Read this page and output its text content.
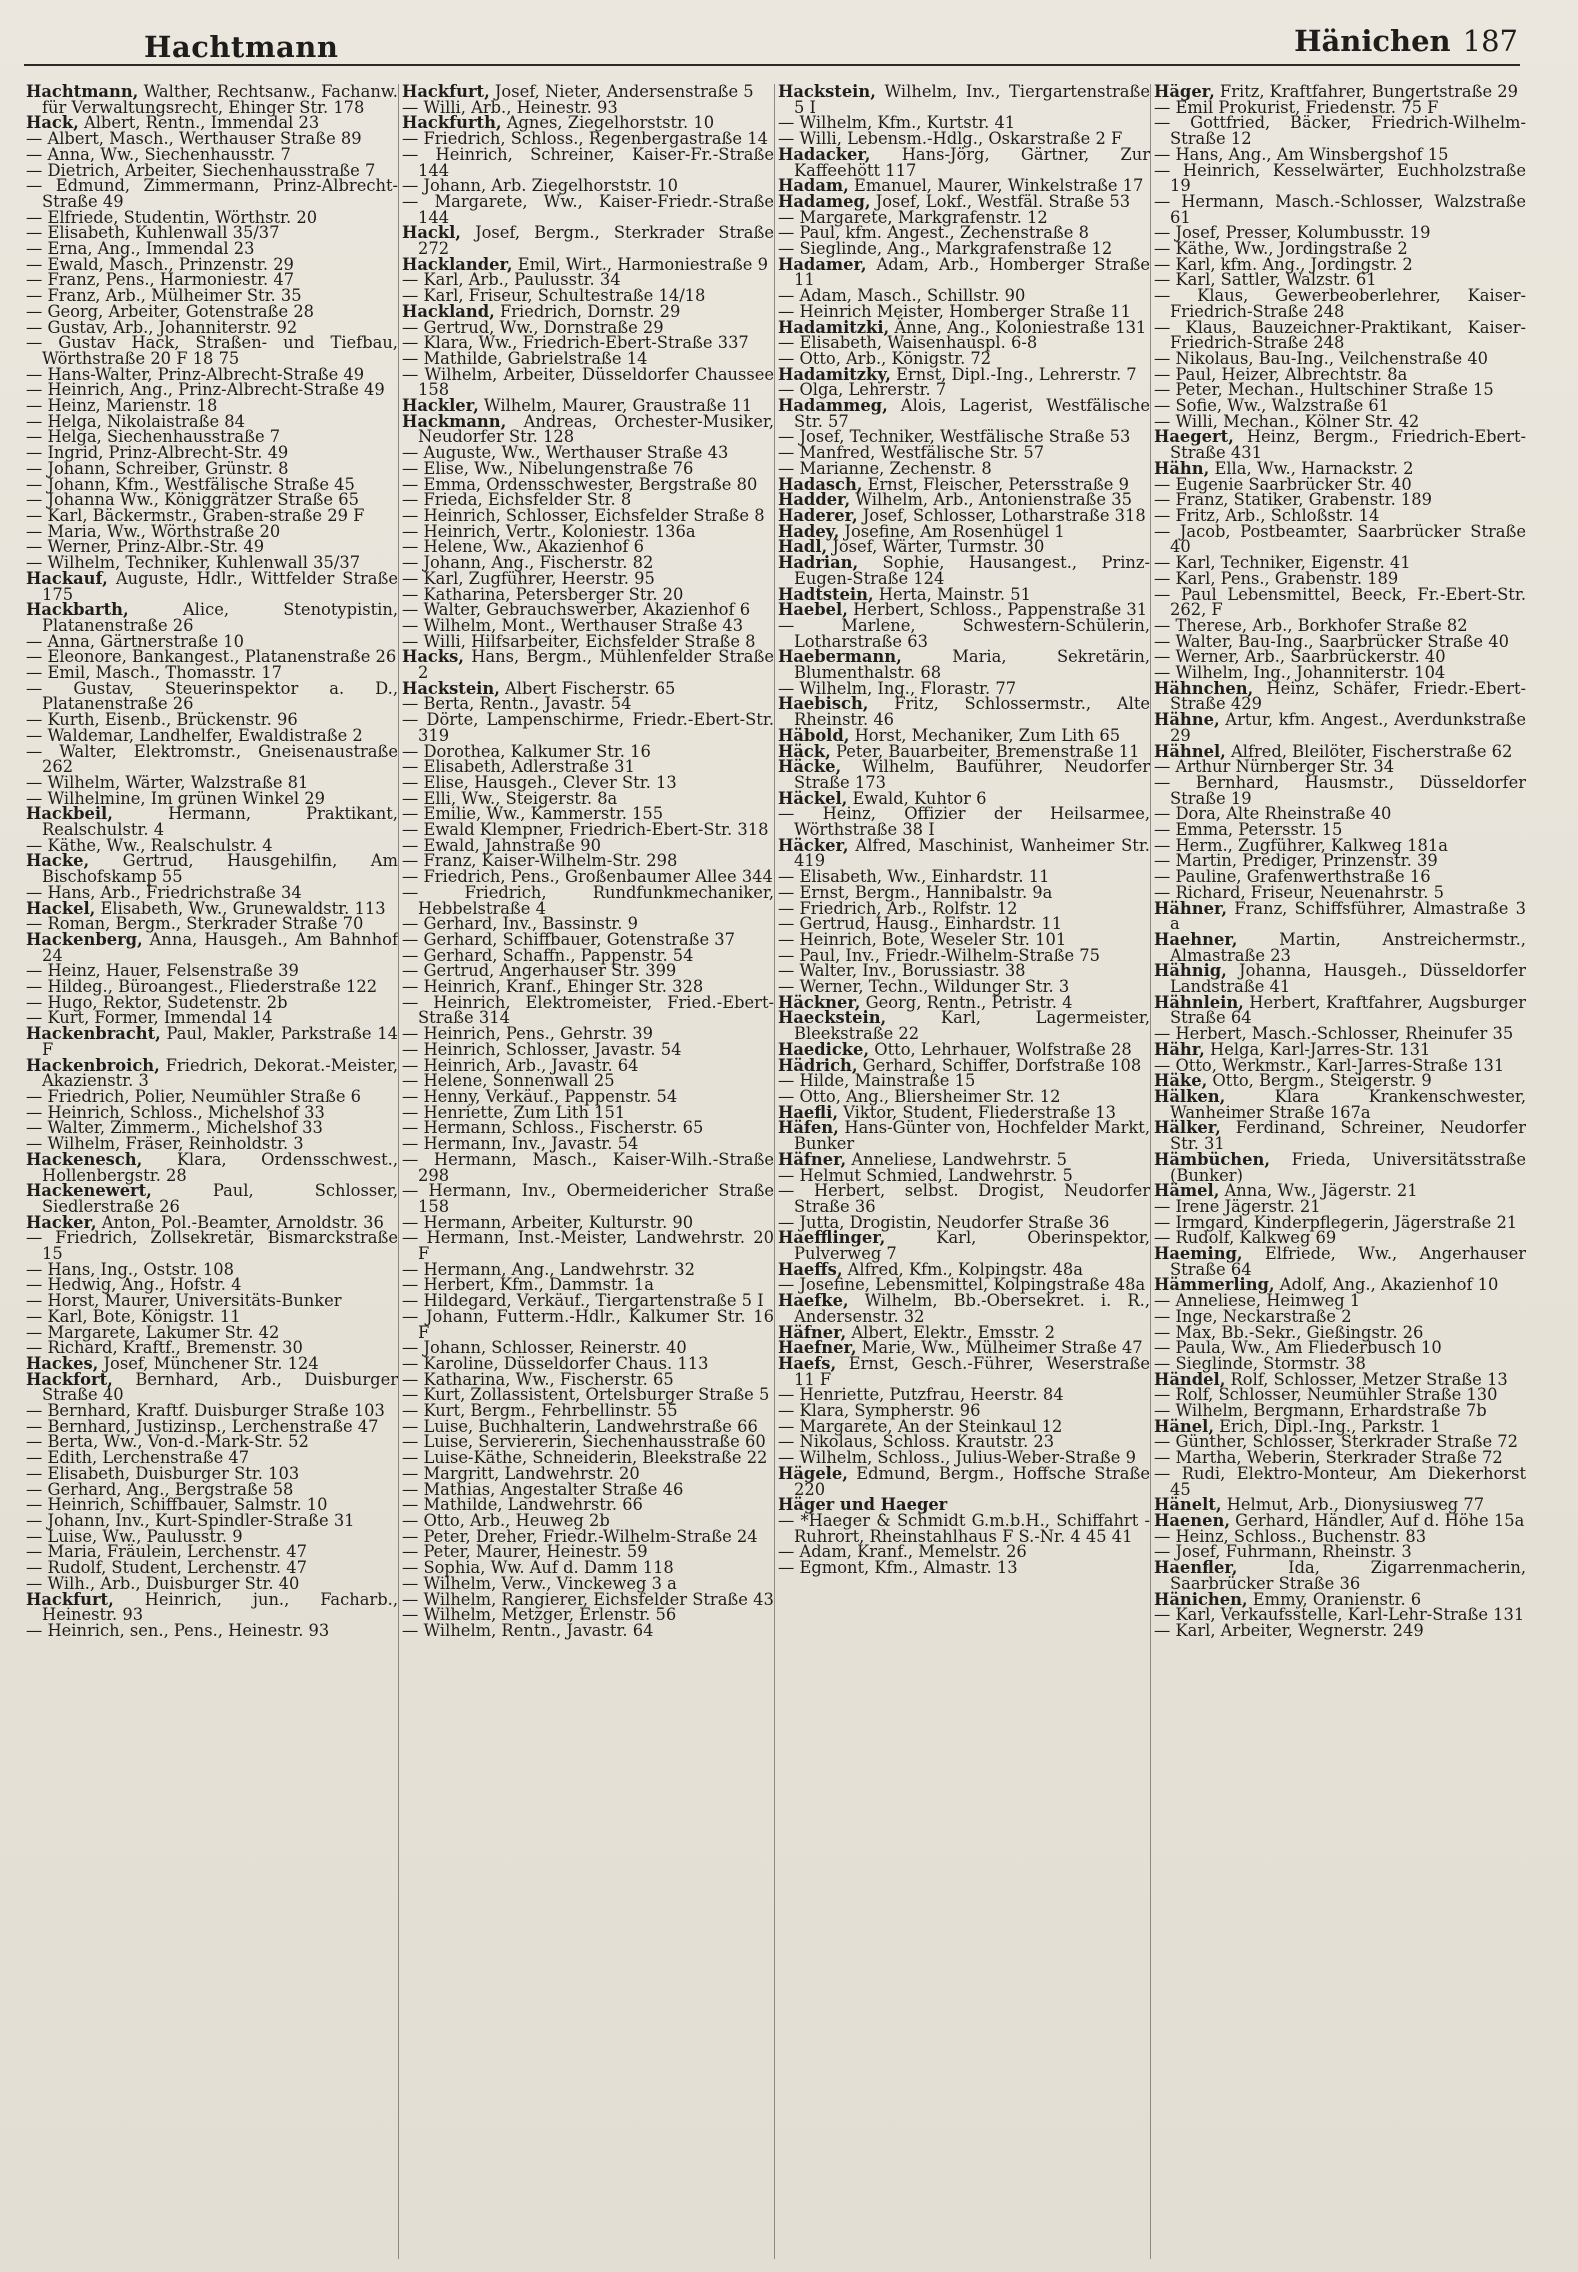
Hachtmann	Hänichen 187

Hachtmann, Walther, Rechtsanw., Fachanw. für Verwaltungsrecht, Ehinger Str. 178

Hack, Albert, Rentn., Immendal 23

— Albert, Masch., Werthauser Straße 89

— Anna, Ww., Siechenhausstr. 7

— Dietrich, Arbeiter, Siechenhausstraße 7

— Edmund, Zimmermann, Prinz-Albrecht-Straße 49

— Elfriede, Studentin, Wörthstr. 20

— Elisabeth, Kuhlenwall 35/37

— Erna, Ang., Immendal 23

— Ewald, Masch., Prinzenstr. 29

— Franz, Pens., Harmoniestr. 47

— Franz, Arb., Mülheimer Str. 35

— Georg, Arbeiter, Gotenstraße 28

— Gustav, Arb., Johanniterstr. 92

— Gustav Hack, Straßen- und Tiefbau, Wörthstraße 20 F 18 75

— Hans-Walter, Prinz-Albrecht-Straße 49

— Heinrich, Ang., Prinz-Albrecht-Straße 49

— Heinz, Marienstr. 18

— Helga, Nikolaistraße 84

— Helga, Siechenhausstraße 7

— Ingrid, Prinz-Albrecht-Str. 49

— Johann, Schreiber, Grünstr. 8

— Johann, Kfm., Westfälische Straße 45

— Johanna Ww., Königgrätzer Straße 65

— Karl, Bäckermstr., Graben-straße 29 F

— Maria, Ww., Wörthstraße 20

— Werner, Prinz-Albr.-Str. 49

— Wilhelm, Techniker, Kuhlenwall 35/37

Hackauf, Auguste, Hdlr., Wittfelder Straße 175

Hackbarth, Alice, Stenotypistin, Platanenstraße 26

— Anna, Gärtnerstraße 10

— Eleonore, Bankangest., Platanenstraße 26

— Emil, Masch., Thomasstr. 17

— Gustav, Steuerinspektor a. D., Platanenstraße 26

— Kurth, Eisenb., Brückenstr. 96

— Waldemar, Landhelfer, Ewaldistraße 2

— Walter, Elektromstr., Gneisenaustraße 262

— Wilhelm, Wärter, Walzstraße 81

— Wilhelmine, Im grünen Winkel 29

Hackbeil, Hermann, Praktikant, Realschulstr. 4

— Käthe, Ww., Realschulstr. 4

Hacke, Gertrud, Hausgehilfin, Am Bischofskamp 55

— Hans, Arb., Friedrichstraße 34

Hackel, Elisabeth, Ww., Grunewaldstr. 113

— Roman, Bergm., Sterkrader Straße 70

Hackenberg, Anna, Hausgeh., Am Bahnhof 24

— Heinz, Hauer, Felsenstraße 39

— Hildeg., Büroangest., Fliederstraße 122

— Hugo, Rektor, Sudetenstr. 2b

— Kurt, Former, Immendal 14

Hackenbracht, Paul, Makler, Parkstraße 14 F

Hackenbroich, Friedrich, Dekorat.-Meister, Akazienstr. 3

— Friedrich, Polier, Neumühler Straße 6

— Heinrich, Schloss., Michelshof 33

— Walter, Zimmerm., Michelshof 33

— Wilhelm, Fräser, Reinholdstr. 3

Hackenesch, Klara, Ordensschwest., Hollenbergstr. 28

Hackenewert, Paul, Schlosser, Siedlerstraße 26

Hacker, Anton, Pol.-Beamter, Arnoldstr. 36

— Friedrich, Zollsekretär, Bismarckstraße 15

— Hans, Ing., Oststr. 108

— Hedwig, Ang., Hofstr. 4

— Horst, Maurer, Universitäts-Bunker

— Karl, Bote, Königstr. 11

— Margarete, Lakumer Str. 42

— Richard, Kraftf., Bremenstr. 30

Hackes, Josef, Münchener Str. 124

Hackfort, Bernhard, Arb., Duisburger Straße 40

— Bernhard, Kraftf. Duisburger Straße 103

— Bernhard, Justizinsp., Lerchenstraße 47

— Berta, Ww., Von-d.-Mark-Str. 52

— Edith, Lerchenstraße 47

— Elisabeth, Duisburger Str. 103

— Gerhard, Ang., Bergstraße 58

— Heinrich, Schiffbauer, Salmstr. 10

— Johann, Inv., Kurt-Spindler-Straße 31

— Luise, Ww., Paulusstr. 9

— Maria, Fräulein, Lerchenstr. 47

— Rudolf, Student, Lerchenstr. 47

— Wilh., Arb., Duisburger Str. 40

Hackfurt, Heinrich, jun., Facharb., Heinestr. 93

— Heinrich, sen., Pens., Heinestr. 93

Hackfurt, Josef, Nieter, Andersenstraße 5

— Willi, Arb., Heinestr. 93

Hackfurth, Agnes, Ziegelhorststr. 10

— Friedrich, Schloss., Regenbergastraße 14

— Heinrich, Schreiner, Kaiser-Fr.-Straße 144

— Johann, Arb. Ziegelhorststr. 10

— Margarete, Ww., Kaiser-Friedr.-Straße 144

Hackl, Josef, Bergm., Sterkrader Straße 272

Hacklander, Emil, Wirt., Harmoniestraße 9

— Karl, Arb., Paulusstr. 34

— Karl, Friseur, Schultestraße 14/18

Hackland, Friedrich, Dornstr. 29

— Gertrud, Ww., Dornstraße 29

— Klara, Ww., Friedrich-Ebert-Straße 337

— Mathilde, Gabrielstraße 14

— Wilhelm, Arbeiter, Düsseldorfer Chaussee 158

Hackler, Wilhelm, Maurer, Graustraße 11

Hackmann, Andreas, Orchester-Musiker, Neudorfer Str. 128

— Auguste, Ww., Werthauser Straße 43

— Elise, Ww., Nibelungenstraße 76

— Emma, Ordensschwester, Bergstraße 80

— Frieda, Eichsfelder Str. 8

— Heinrich, Schlosser, Eichsfelder Straße 8

— Heinrich, Vertr., Koloniestr. 136a

— Helene, Ww., Akazienhof 6

— Johann, Ang., Fischerstr. 82

— Karl, Zugführer, Heerstr. 95

— Katharina, Petersberger Str. 20

— Walter, Gebrauchswerber, Akazienhof 6

— Wilhelm, Mont., Werthauser Straße 43

— Willi, Hilfsarbeiter, Eichsfelder Straße 8

Hacks, Hans, Bergm., Mühlenfelder Straße 2

Hackstein, Albert Fischerstr. 65

— Berta, Rentn., Javastr. 54

— Dörte, Lampenschirme, Friedr.-Ebert-Str. 319

— Dorothea, Kalkumer Str. 16

— Elisabeth, Adlerstraße 31

— Elise, Hausgeh., Clever Str. 13

— Elli, Ww., Steigerstr. 8a

— Emilie, Ww., Kammerstr. 155

— Ewald Klempner, Friedrich-Ebert-Str. 318

— Ewald, Jahnstraße 90

— Franz, Kaiser-Wilhelm-Str. 298

— Friedrich, Pens., Großenbaumer Allee 344

— Friedrich, Rundfunkmechaniker, Hebbelstraße 4

— Gerhard, Inv., Bassinstr. 9

— Gerhard, Schiffbauer, Gotenstraße 37

— Gerhard, Schaffn., Pappenstr. 54

— Gertrud, Angerhauser Str. 399

— Heinrich, Kranf., Ehinger Str. 328

— Heinrich, Elektromeister, Fried.-Ebert-Straße 314

— Heinrich, Pens., Gehrstr. 39

— Heinrich, Schlosser, Javastr. 54

— Heinrich, Arb., Javastr. 64

— Helene, Sonnenwall 25

— Henny, Verkäuf., Pappenstr. 54

— Henriette, Zum Lith 151

— Hermann, Schloss., Fischerstr. 65

— Hermann, Inv., Javastr. 54

— Hermann, Masch., Kaiser-Wilh.-Straße 298

— Hermann, Inv., Obermeidericher Straße 158

— Hermann, Arbeiter, Kulturstr. 90

— Hermann, Inst.-Meister, Landwehrstr. 20 F

— Hermann, Ang., Landwehrstr. 32

— Herbert, Kfm., Dammstr. 1a

— Hildegard, Verkäuf., Tiergartenstraße 5 I

— Johann, Futterm.-Hdlr., Kalkumer Str. 16 F

— Johann, Schlosser, Reinerstr. 40

— Karoline, Düsseldorfer Chaus. 113

— Katharina, Ww., Fischerstr. 65

— Kurt, Zollassistent, Ortelsburger Straße 5

— Kurt, Bergm., Fehrbellinstr. 55

— Luise, Buchhalterin, Landwehrstraße 66

— Luise, Serviererin, Siechenhausstraße 60

— Luise-Käthe, Schneiderin, Bleekstraße 22

— Margritt, Landwehrstr. 20

— Mathias, Angestalter Straße 46

— Mathilde, Landwehrstr. 66

— Otto, Arb., Heuweg 2b

— Peter, Dreher, Friedr.-Wilhelm-Straße 24

— Peter, Maurer, Heinestr. 59

— Sophia, Ww. Auf d. Damm 118

— Wilhelm, Verw., Vinckeweg 3 a

— Wilhelm, Rangierer, Eichsfelder Straße 43

— Wilhelm, Metzger, Erlenstr. 56

— Wilhelm, Rentn., Javastr. 64

Hackstein, Wilhelm, Inv., Tiergartenstraße 5 I

— Wilhelm, Kfm., Kurtstr. 41

— Willi, Lebensm.-Hdlg., Oskarstraße 2 F

Hadacker, Hans-Jörg, Gärtner, Zur Kaffeehött 117

Hadam, Emanuel, Maurer, Winkelstraße 17

Hadameg, Josef, Lokf., Westfäl. Straße 53

— Margarete, Markgrafenstr. 12

— Paul, kfm. Angest., Zechenstraße 8

— Sieglinde, Ang., Markgrafenstraße 12

Hadamer, Adam, Arb., Homberger Straße 11

— Adam, Masch., Schillstr. 90

— Heinrich Meister, Homberger Straße 11

Hadamitzki, Änne, Ang., Koloniestraße 131

— Elisabeth, Waisenhauspl. 6-8

— Otto, Arb., Königstr. 72

Hadamitzky, Ernst, Dipl.-Ing., Lehrerstr. 7

— Olga, Lehrerstr. 7

Hadammeg, Alois, Lagerist, Westfälische Str. 57

— Josef, Techniker, Westfälische Straße 53

— Manfred, Westfälische Str. 57

— Marianne, Zechenstr. 8

Hadasch, Ernst, Fleischer, Petersstraße 9

Hadder, Wilhelm, Arb., Antonienstraße 35

Haderer, Josef, Schlosser, Lotharstraße 318

Hadey, Josefine, Am Rosenhügel 1

Hadl, Josef, Wärter, Turmstr. 30

Hadrian, Sophie, Hausangest., Prinz-Eugen-Straße 124

Hadtstein, Herta, Mainstr. 51

Haebel, Herbert, Schloss., Pappenstraße 31

— Marlene, Schwestern-Schülerin, Lotharstraße 63

Haebermann, Maria, Sekretärin, Blumenthalstr. 68

— Wilhelm, Ing., Florastr. 77

Haebisch, Fritz, Schlossermstr., Alte Rheinstr. 46

Häbold, Horst, Mechaniker, Zum Lith 65

Häck, Peter, Bauarbeiter, Bremenstraße 11

Häcke, Wilhelm, Bauführer, Neudorfer Straße 173

Häckel, Ewald, Kuhtor 6

— Heinz, Offizier der Heilsarmee, Wörthstraße 38 I

Häcker, Alfred, Maschinist, Wanheimer Str. 419

— Elisabeth, Ww., Einhardstr. 11

— Ernst, Bergm., Hannibalstr. 9a

— Friedrich, Arb., Rolfstr. 12

— Gertrud, Hausg., Einhardstr. 11

— Heinrich, Bote, Weseler Str. 101

— Paul, Inv., Friedr.-Wilhelm-Straße 75

— Walter, Inv., Borussiastr. 38

— Werner, Techn., Wildunger Str. 3

Häckner, Georg, Rentn., Petristr. 4

Haeckstein, Karl, Lagermeister, Bleekstraße 22

Haedicke, Otto, Lehrhauer, Wolfstraße 28

Hädrich, Gerhard, Schiffer, Dorfstraße 108

— Hilde, Mainstraße 15

— Otto, Ang., Bliersheimer Str. 12

Haefli, Viktor, Student, Fliederstraße 13

Häfen, Hans-Günter von, Hochfelder Markt, Bunker

Häfner, Anneliese, Landwehrstr. 5

— Helmut Schmied, Landwehrstr. 5

— Herbert, selbst. Drogist, Neudorfer Straße 36

— Jutta, Drogistin, Neudorfer Straße 36

Haefflinger, Karl, Oberinspektor, Pulverweg 7

Haeffs, Alfred, Kfm., Kolpingstr. 48a

— Josefine, Lebensmittel, Kolpingstraße 48a

Haefke, Wilhelm, Bb.-Obersekret. i. R., Andersenstr. 32

Häfner, Albert, Elektr., Emsstr. 2

Haefner, Marie, Ww., Mülheimer Straße 47

Haefs, Ernst, Gesch.-Führer, Weserstraße 11 F

— Henriette, Putzfrau, Heerstr. 84

— Klara, Sympherstr. 96

— Margarete, An der Steinkaul 12

— Nikolaus, Schloss. Krautstr. 23

— Wilhelm, Schloss., Julius-Weber-Straße 9

Hägele, Edmund, Bergm., Hoffsche Straße 220

Häger und Haeger

— *Haeger & Schmidt G.m.b.H., Schiffahrt - Ruhrort, Rheinstahlhaus F S.-Nr. 4 45 41

— Adam, Kranf., Memelstr. 26

— Egmont, Kfm., Almastr. 13

Häger, Fritz, Kraftfahrer, Bungertstraße 29

— Emil Prokurist, Friedenstr. 75 F

— Gottfried, Bäcker, Friedrich-Wilhelm-Straße 12

— Hans, Ang., Am Winsbergshof 15

— Heinrich, Kesselwärter, Euchholzstraße 19

— Hermann, Masch.-Schlosser, Walzstraße 61

— Josef, Presser, Kolumbusstr. 19

— Käthe, Ww., Jordingstraße 2

— Karl, kfm. Ang., Jordingstr. 2

— Karl, Sattler, Walzstr. 61

— Klaus, Gewerbeoberlehrer, Kaiser-Friedrich-Straße 248

— Klaus, Bauzeichner-Praktikant, Kaiser-Friedrich-Straße 248

— Nikolaus, Bau-Ing., Veilchenstraße 40

— Paul, Heizer, Albrechtstr. 8a

— Peter, Mechan., Hultschiner Straße 15

— Sofie, Ww., Walzstraße 61

— Willi, Mechan., Kölner Str. 42

Haegert, Heinz, Bergm., Friedrich-Ebert-Straße 431

Hähn, Ella, Ww., Harnackstr. 2

— Eugenie Saarbrücker Str. 40

— Franz, Statiker, Grabenstr. 189

— Fritz, Arb., Schloßstr. 14

— Jacob, Postbeamter, Saarbrücker Straße 40

— Karl, Techniker, Eigenstr. 41

— Karl, Pens., Grabenstr. 189

— Paul Lebensmittel, Beeck, Fr.-Ebert-Str. 262, F

— Therese, Arb., Borkhofer Straße 82

— Walter, Bau-Ing., Saarbrücker Straße 40

— Werner, Arb., Saarbrückerstr. 40

— Wilhelm, Ing., Johanniterstr. 104

Hähnchen, Heinz, Schäfer, Friedr.-Ebert-Straße 429

Hähne, Artur, kfm. Angest., Averdunkstraße 29

Hähnel, Alfred, Bleilöter, Fischerstraße 62

— Arthur Nürnberger Str. 34

— Bernhard, Hausmstr., Düsseldorfer Straße 19

— Dora, Alte Rheinstraße 40

— Emma, Petersstr. 15

— Herm., Zugführer, Kalkweg 181a

— Martin, Prediger, Prinzenstr. 39

— Pauline, Grafenwerthstraße 16

— Richard, Friseur, Neuenahrstr. 5

Hähner, Franz, Schiffsführer, Almastraße 3 a

Haehner, Martin, Anstreichermstr., Almastraße 23

Hähnig, Johanna, Hausgeh., Düsseldorfer Landstraße 41

Hähnlein, Herbert, Kraftfahrer, Augsburger Straße 64

— Herbert, Masch.-Schlosser, Rheinufer 35

Hähr, Helga, Karl-Jarres-Str. 131

— Otto, Werkmstr., Karl-Jarres-Straße 131

Häke, Otto, Bergm., Steigerstr. 9

Hälken, Klara Krankenschwester, Wanheimer Straße 167a

Hälker, Ferdinand, Schreiner, Neudorfer Str. 31

Hämbüchen, Frieda, Universitätsstraße (Bunker)

Hämel, Anna, Ww., Jägerstr. 21

— Irene Jägerstr. 21

— Irmgard, Kinderpflegerin, Jägerstraße 21

— Rudolf, Kalkweg 69

Haeming, Elfriede, Ww., Angerhauser Straße 64

Hämmerling, Adolf, Ang., Akazienhof 10

— Anneliese, Heimweg 1

— Inge, Neckarstraße 2

— Max, Bb.-Sekr., Gießingstr. 26

— Paula, Ww., Am Fliederbusch 10

— Sieglinde, Stormstr. 38

Händel, Rolf, Schlosser, Metzer Straße 13

— Rolf, Schlosser, Neumühler Straße 130

— Wilhelm, Bergmann, Erhardstraße 7b

Hänel, Erich, Dipl.-Ing., Parkstr. 1

— Günther, Schlosser, Sterkrader Straße 72

— Martha, Weberin, Sterkrader Straße 72

— Rudi, Elektro-Monteur, Am Diekerhorst 45

Hänelt, Helmut, Arb., Dionysiusweg 77

Haenen, Gerhard, Händler, Auf d. Höhe 15a

— Heinz, Schloss., Buchenstr. 83

— Josef, Fuhrmann, Rheinstr. 3

Haenfler, Ida, Zigarrenmacherin, Saarbrücker Straße 36

Hänichen, Emmy, Oranienstr. 6

— Karl, Verkaufsstelle, Karl-Lehr-Straße 131

— Karl, Arbeiter, Wegnerstr. 249
